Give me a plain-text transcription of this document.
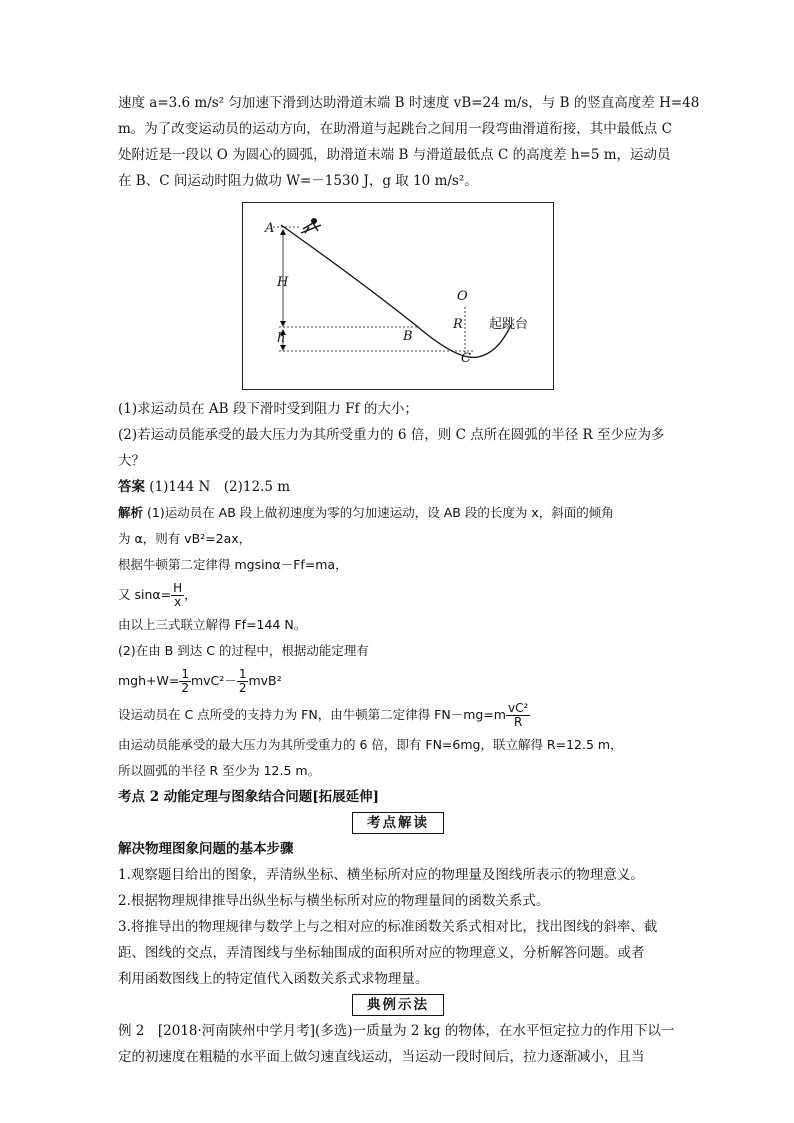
速度 a=3.6 m/s² 匀加速下滑到达助滑道末端 B 时速度 vB=24 m/s，与 B 的竖直高度差 H=48

m。为了改变运动员的运动方向，在助滑道与起跳台之间用一段弯曲滑道衔接，其中最低点 C

处附近是一段以 O 为圆心的圆弧，助滑道末端 B 与滑道最低点 C 的高度差 h=5 m，运动员

在 B、C 间运动时阻力做功 W=－1530 J，g 取 10 m/s²。

A
H
h	B
O
R
C
起跳台

(1)求运动员在 AB 段下滑时受到阻力 Ff 的大小；

(2)若运动员能承受的最大压力为其所受重力的 6 倍，则 C 点所在圆弧的半径 R 至少应为多

大？

答案 (1)144 N　(2)12.5 m

解析 (1)运动员在 AB 段上做初速度为零的匀加速运动，设 AB 段的长度为 x，斜面的倾角

为 α，则有 vB²=2ax，

根据牛顿第二定律得 mgsinα－Ff=ma，

又 $\sin\alpha= \frac{H}{x}$ ，

由以上三式联立解得 Ff=144 N。

(2)在由 B 到达 C 的过程中，根据动能定理有

$mgh+W= \frac{1}{2} mvC^2- \frac{1}{2} mvB^2$
设运动员在 C 点所受的支持力为 FN，由牛顿第二定律得 $FN-mg=m \frac{\text{vC²}}{R}$

由运动员能承受的最大压力为其所受重力的 6 倍，即有 FN=6mg，联立解得 R=12.5 m，

所以圆弧的半径 R 至少为 12.5 m。

考点 2 动能定理与图象结合问题[拓展延伸]

考点解读

解决物理图象问题的基本步骤

1.观察题目给出的图象，弄清纵坐标、横坐标所对应的物理量及图线所表示的物理意义。

2.根据物理规律推导出纵坐标与横坐标所对应的物理量间的函数关系式。

3.将推导出的物理规律与数学上与之相对应的标准函数关系式相对比，找出图线的斜率、截

距、图线的交点，弄清图线与坐标轴围成的面积所对应的物理意义，分析解答问题。或者

利用函数图线上的特定值代入函数关系式求物理量。

典例示法

例 2　[2018·河南陕州中学月考](多选)一质量为 2 kg 的物体，在水平恒定拉力的作用下以一

定的初速度在粗糙的水平面上做匀速直线运动，当运动一段时间后，拉力逐渐减小，且当
